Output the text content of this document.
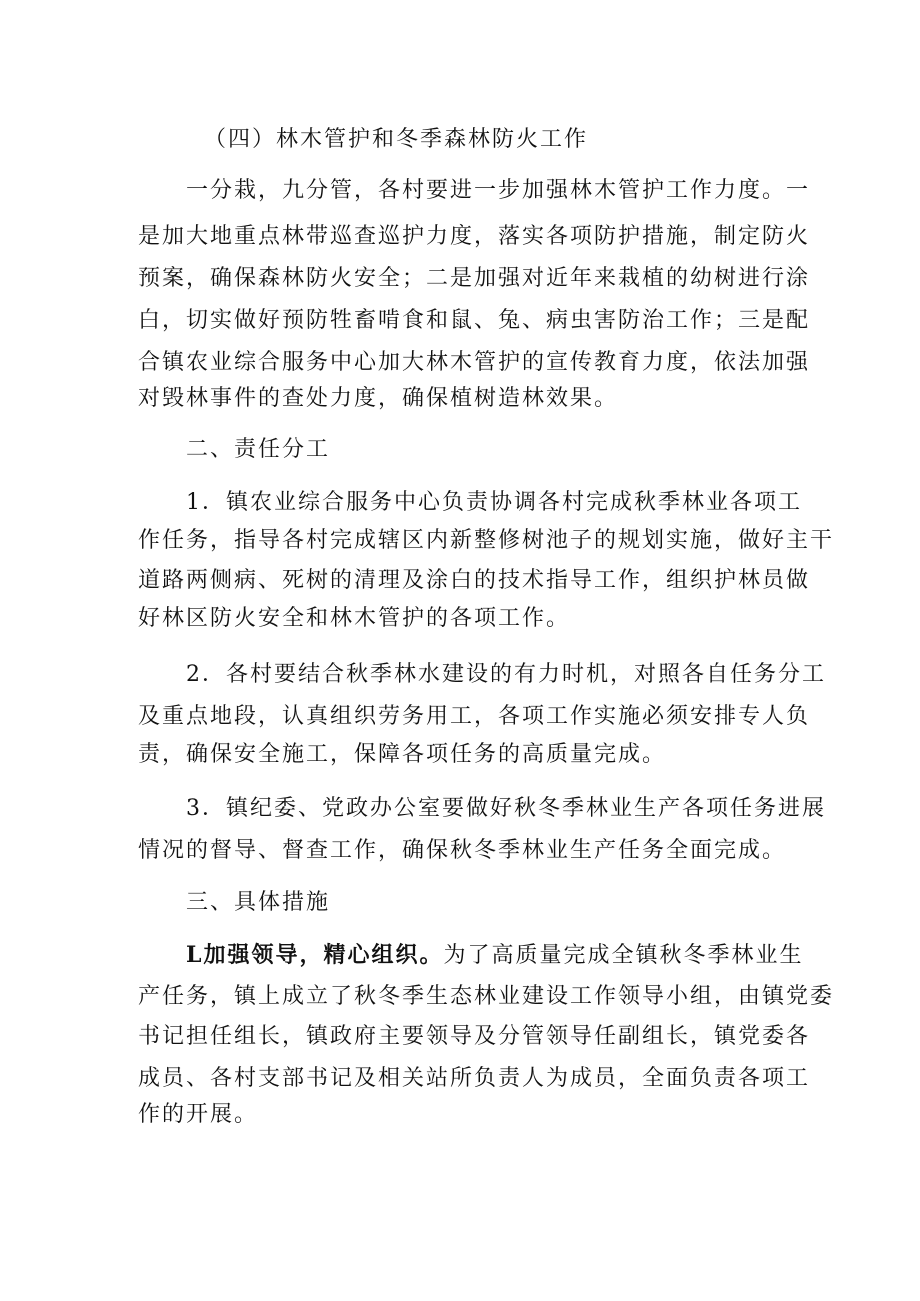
（四）林木管护和冬季森林防火工作

一分栽，九分管，各村要进一步加强林木管护工作力度。一

是加大地重点林带巡查巡护力度，落实各项防护措施，制定防火

预案，确保森林防火安全；二是加强对近年来栽植的幼树进行涂

白，切实做好预防牲畜啃食和鼠、兔、病虫害防治工作；三是配

合镇农业综合服务中心加大林木管护的宣传教育力度，依法加强

对毁林事件的查处力度，确保植树造林效果。

二、责任分工

1．镇农业综合服务中心负责协调各村完成秋季林业各项工

作任务，指导各村完成辖区内新整修树池子的规划实施，做好主干

道路两侧病、死树的清理及涂白的技术指导工作，组织护林员做

好林区防火安全和林木管护的各项工作。

2．各村要结合秋季林水建设的有力时机，对照各自任务分工

及重点地段，认真组织劳务用工，各项工作实施必须安排专人负

责，确保安全施工，保障各项任务的高质量完成。

3．镇纪委、党政办公室要做好秋冬季林业生产各项任务进展

情况的督导、督查工作，确保秋冬季林业生产任务全面完成。

三、具体措施

L加强领导，精心组织。为了高质量完成全镇秋冬季林业生

产任务，镇上成立了秋冬季生态林业建设工作领导小组，由镇党委

书记担任组长，镇政府主要领导及分管领导任副组长，镇党委各

成员、各村支部书记及相关站所负责人为成员，全面负责各项工

作的开展。
